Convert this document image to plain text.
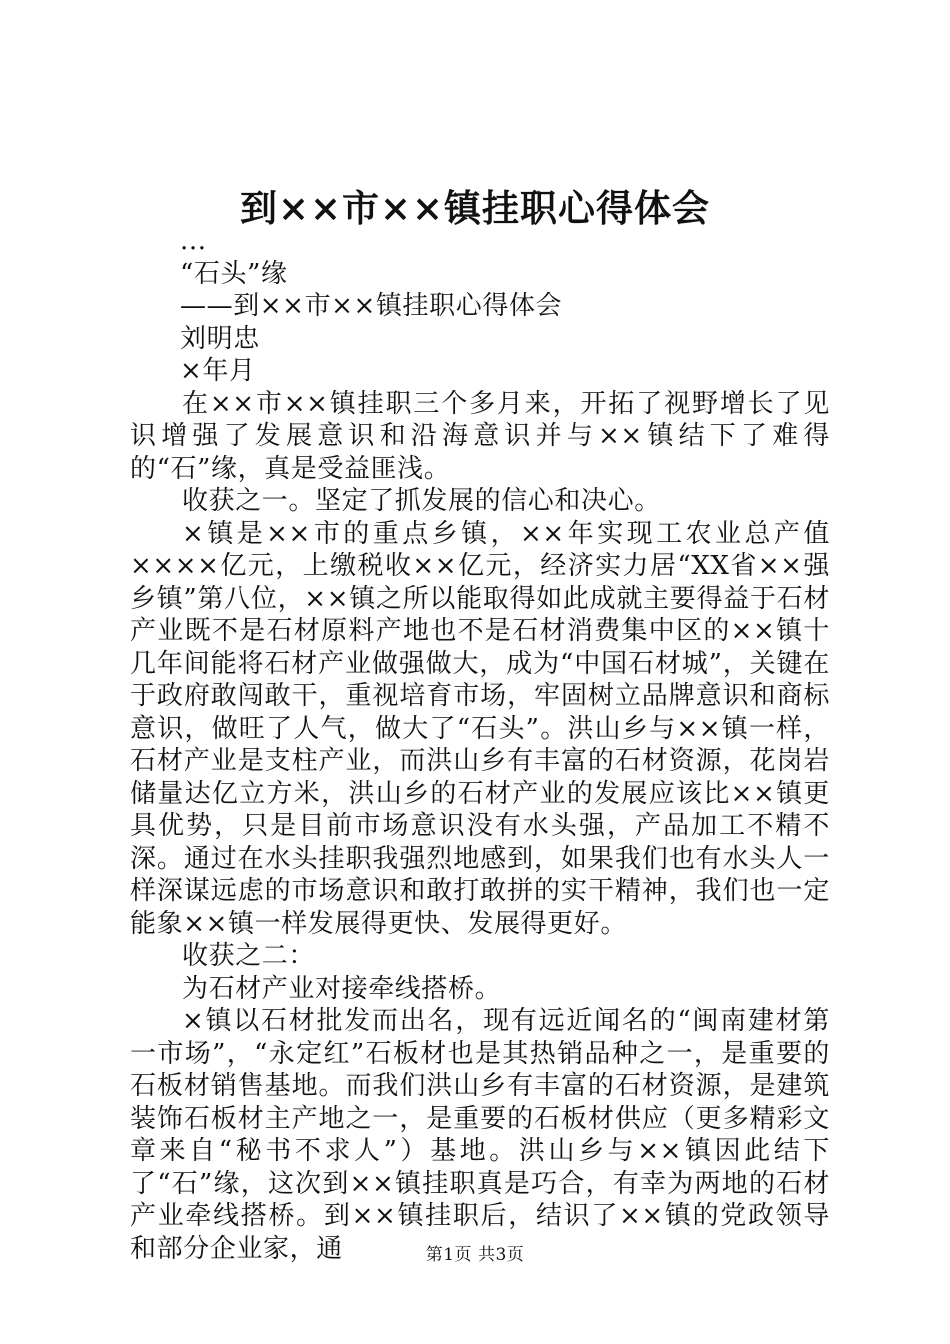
到××市××镇挂职心得体会

...

“石头”缘

——到××市××镇挂职心得体会

刘明忠

×年月

在××市××镇挂职三个多月来，开拓了视野增长了见识增强了发展意识和沿海意识并与××镇结下了难得的“石”缘，真是受益匪浅。

收获之一。坚定了抓发展的信心和决心。

×镇是××市的重点乡镇，××年实现工农业总产值××××亿元，上缴税收××亿元，经济实力居“XX省××强乡镇”第八位，××镇之所以能取得如此成就主要得益于石材产业既不是石材原料产地也不是石材消费集中区的××镇十几年间能将石材产业做强做大，成为“中国石材城”，关键在于政府敢闯敢干，重视培育市场，牢固树立品牌意识和商标意识，做旺了人气，做大了“石头”。洪山乡与××镇一样，石材产业是支柱产业，而洪山乡有丰富的石材资源，花岗岩储量达亿立方米，洪山乡的石材产业的发展应该比××镇更具优势，只是目前市场意识没有水头强，产品加工不精不深。通过在水头挂职我强烈地感到，如果我们也有水头人一样深谋远虑的市场意识和敢打敢拼的实干精神，我们也一定能象××镇一样发展得更快、发展得更好。

收获之二：

为石材产业对接牵线搭桥。

×镇以石材批发而出名，现有远近闻名的“闽南建材第一市场”，“永定红”石板材也是其热销品种之一，是重要的石板材销售基地。而我们洪山乡有丰富的石材资源，是建筑装饰石板材主产地之一，是重要的石板材供应（更多精彩文章来自“秘书不求人”）基地。洪山乡与××镇因此结下了“石”缘，这次到××镇挂职真是巧合，有幸为两地的石材产业牵线搭桥。到××镇挂职后，结识了××镇的党政领导和部分企业家，通	第1页 共3页
